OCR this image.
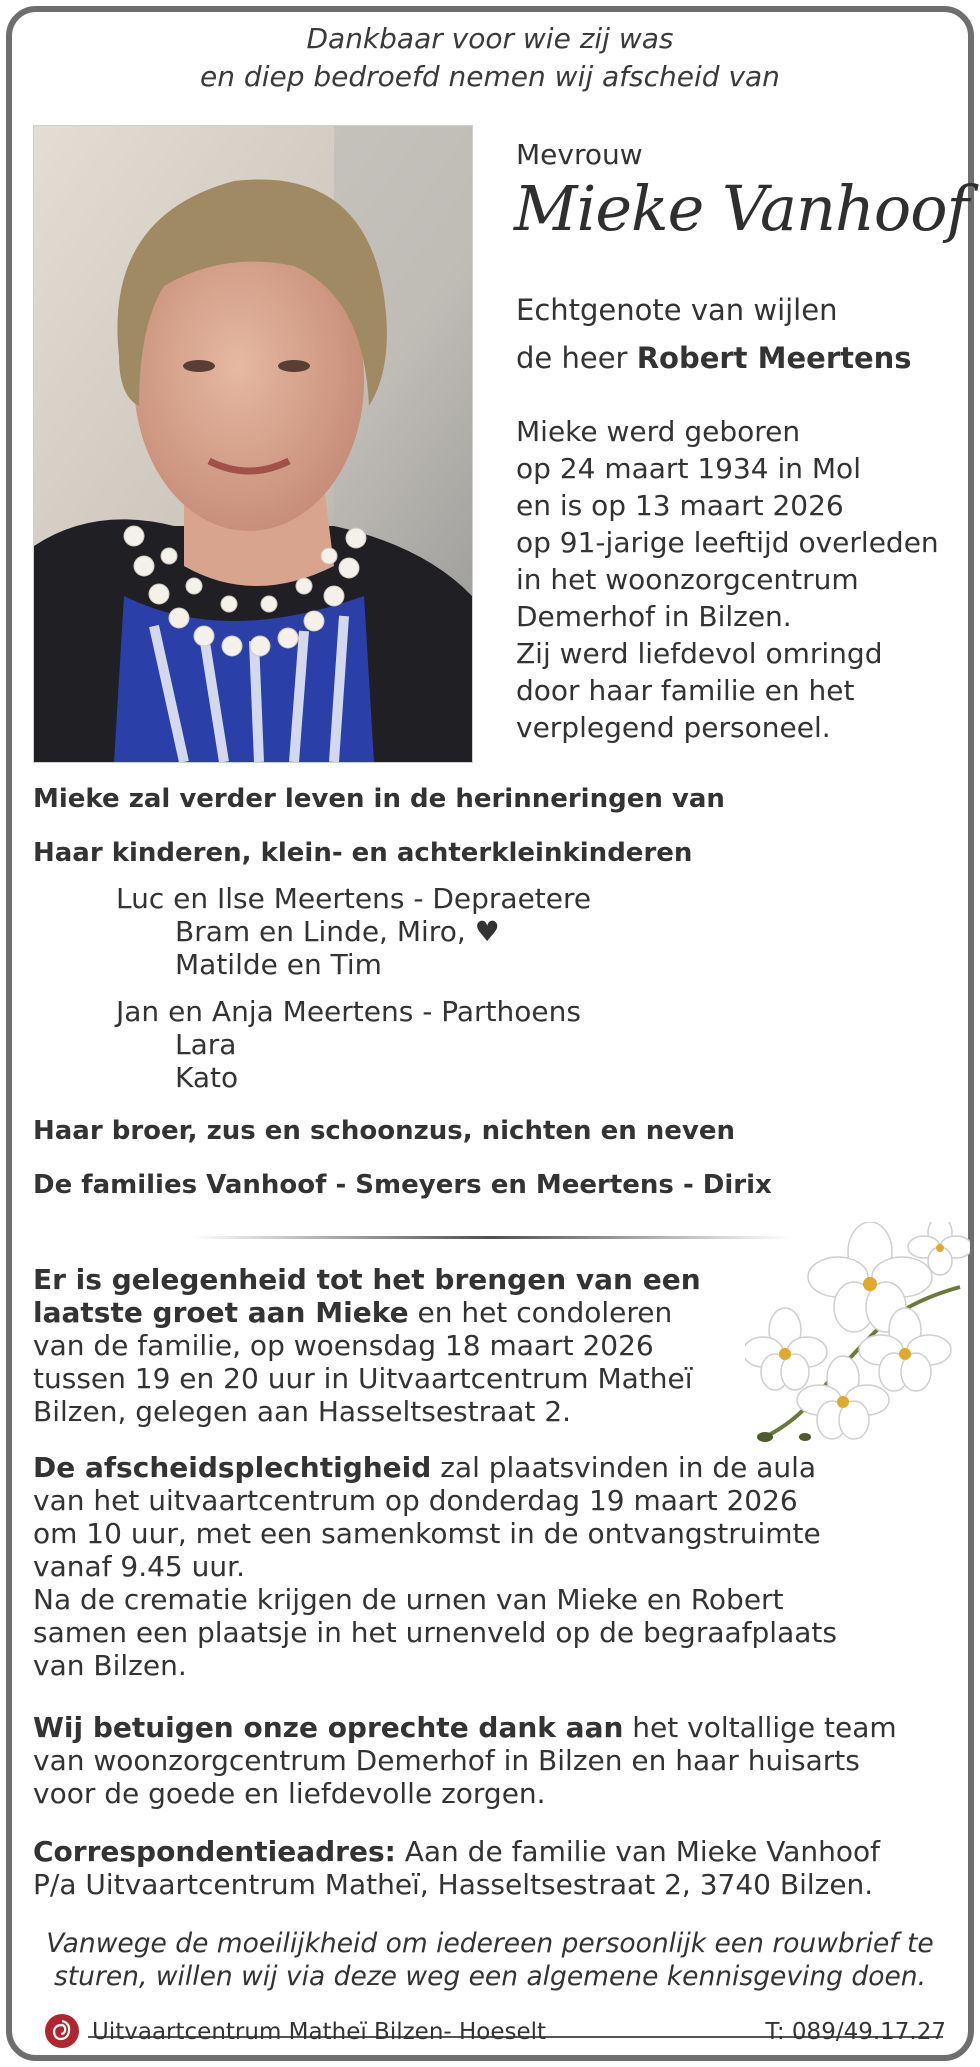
Dankbaar voor wie zij was
en diep bedroefd nemen wij afscheid van
Mevrouw
Mieke Vanhoof
Echtgenote van wijlen
de heer Robert Meertens
Mieke werd geboren
op 24 maart 1934 in Mol
en is op 13 maart 2026
op 91-jarige leeftijd overleden
in het woonzorgcentrum
Demerhof in Bilzen.
Zij werd liefdevol omringd
door haar familie en het
verplegend personeel.
Mieke zal verder leven in de herinneringen van
Haar kinderen, klein- en achterkleinkinderen
Luc en Ilse Meertens - Depraetere
Bram en Linde, Miro, ♥
Matilde en Tim
Jan en Anja Meertens - Parthoens
Lara
Kato
Haar broer, zus en schoonzus, nichten en neven
De families Vanhoof - Smeyers en Meertens - Dirix
Er is gelegenheid tot het brengen van een
laatste groet aan Mieke en het condoleren
van de familie, op woensdag 18 maart 2026
tussen 19 en 20 uur in Uitvaartcentrum Matheï
Bilzen, gelegen aan Hasseltsestraat 2.
De afscheidsplechtigheid zal plaatsvinden in de aula
van het uitvaartcentrum op donderdag 19 maart 2026
om 10 uur, met een samenkomst in de ontvangstruimte
vanaf 9.45 uur.
Na de crematie krijgen de urnen van Mieke en Robert
samen een plaatsje in het urnenveld op de begraafplaats
van Bilzen.
Wij betuigen onze oprechte dank aan het voltallige team
van woonzorgcentrum Demerhof in Bilzen en haar huisarts
voor de goede en liefdevolle zorgen.
Correspondentieadres: Aan de familie van Mieke Vanhoof
P/a Uitvaartcentrum Matheï, Hasseltsestraat 2, 3740 Bilzen.
Vanwege de moeilijkheid om iedereen persoonlijk een rouwbrief te
sturen, willen wij via deze weg een algemene kennisgeving doen.
Uitvaartcentrum Matheï Bilzen- Hoeselt	T: 089/49.17.27
